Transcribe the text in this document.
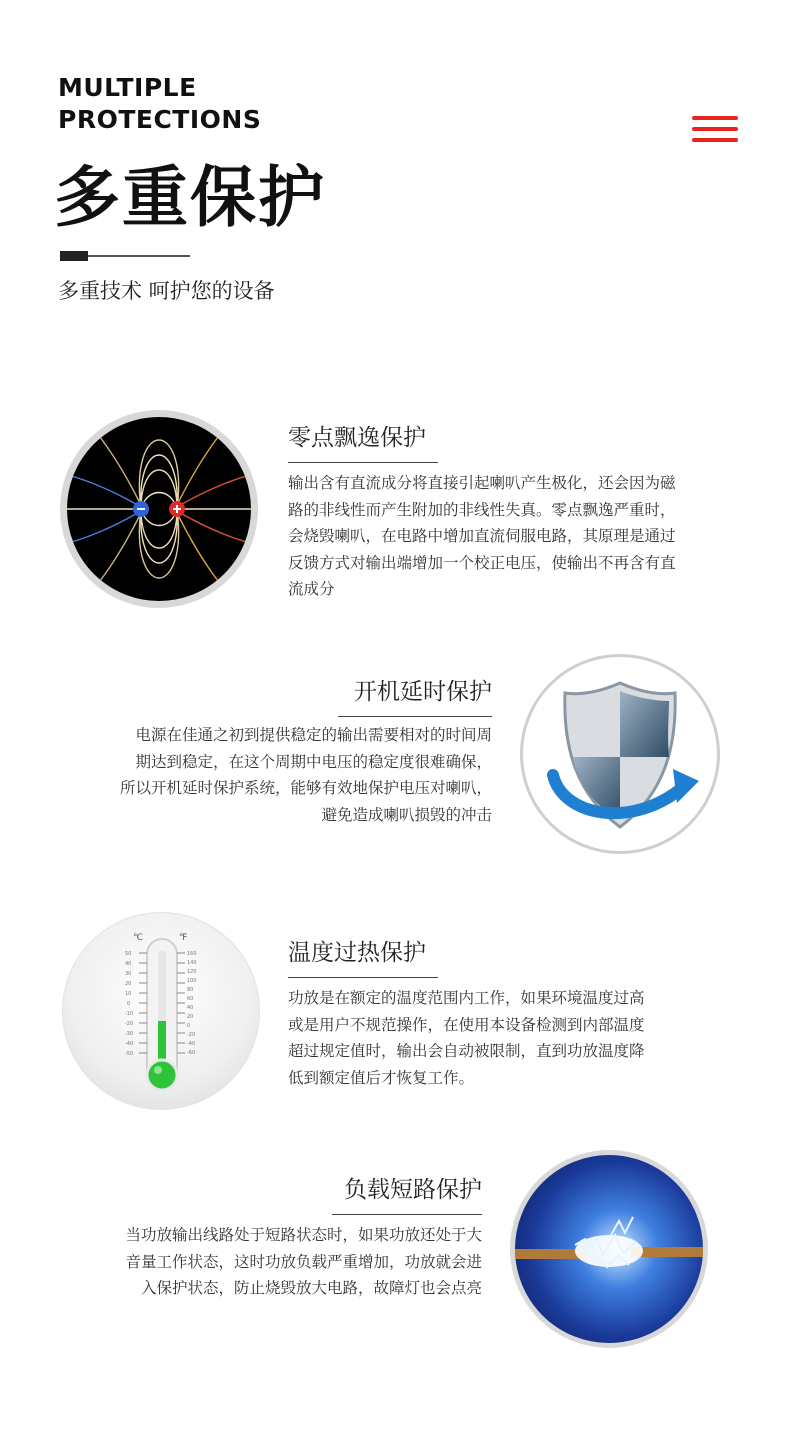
MULTIPLE
PROTECTIONS
多重保护
多重技术 呵护您的设备
零点飘逸保护
输出含有直流成分将直接引起喇叭产生极化，还会因为磁
路的非线性而产生附加的非线性失真。零点飘逸严重时，
会烧毁喇叭，在电路中增加直流伺服电路，其原理是通过
反馈方式对输出端增加一个校正电压，使输出不再含有直
流成分
开机延时保护
电源在佳通之初到提供稳定的输出需要相对的时间周
期达到稳定，在这个周期中电压的稳定度很难确保，
所以开机延时保护系统，能够有效地保护电压对喇叭，
避免造成喇叭损毁的冲击
℃	℉
50
40
30
20
10
0
-10
-20
-30
-40
-50
160
140
120
100
80
60
40
20
0
-20
-40
-60
温度过热保护
功放是在额定的温度范围内工作，如果环境温度过高
或是用户不规范操作，在使用本设备检测到内部温度
超过规定值时，输出会自动被限制，直到功放温度降
低到额定值后才恢复工作。
负载短路保护
当功放输出线路处于短路状态时，如果功放还处于大
音量工作状态，这时功放负载严重增加，功放就会进
入保护状态，防止烧毁放大电路，故障灯也会点亮
